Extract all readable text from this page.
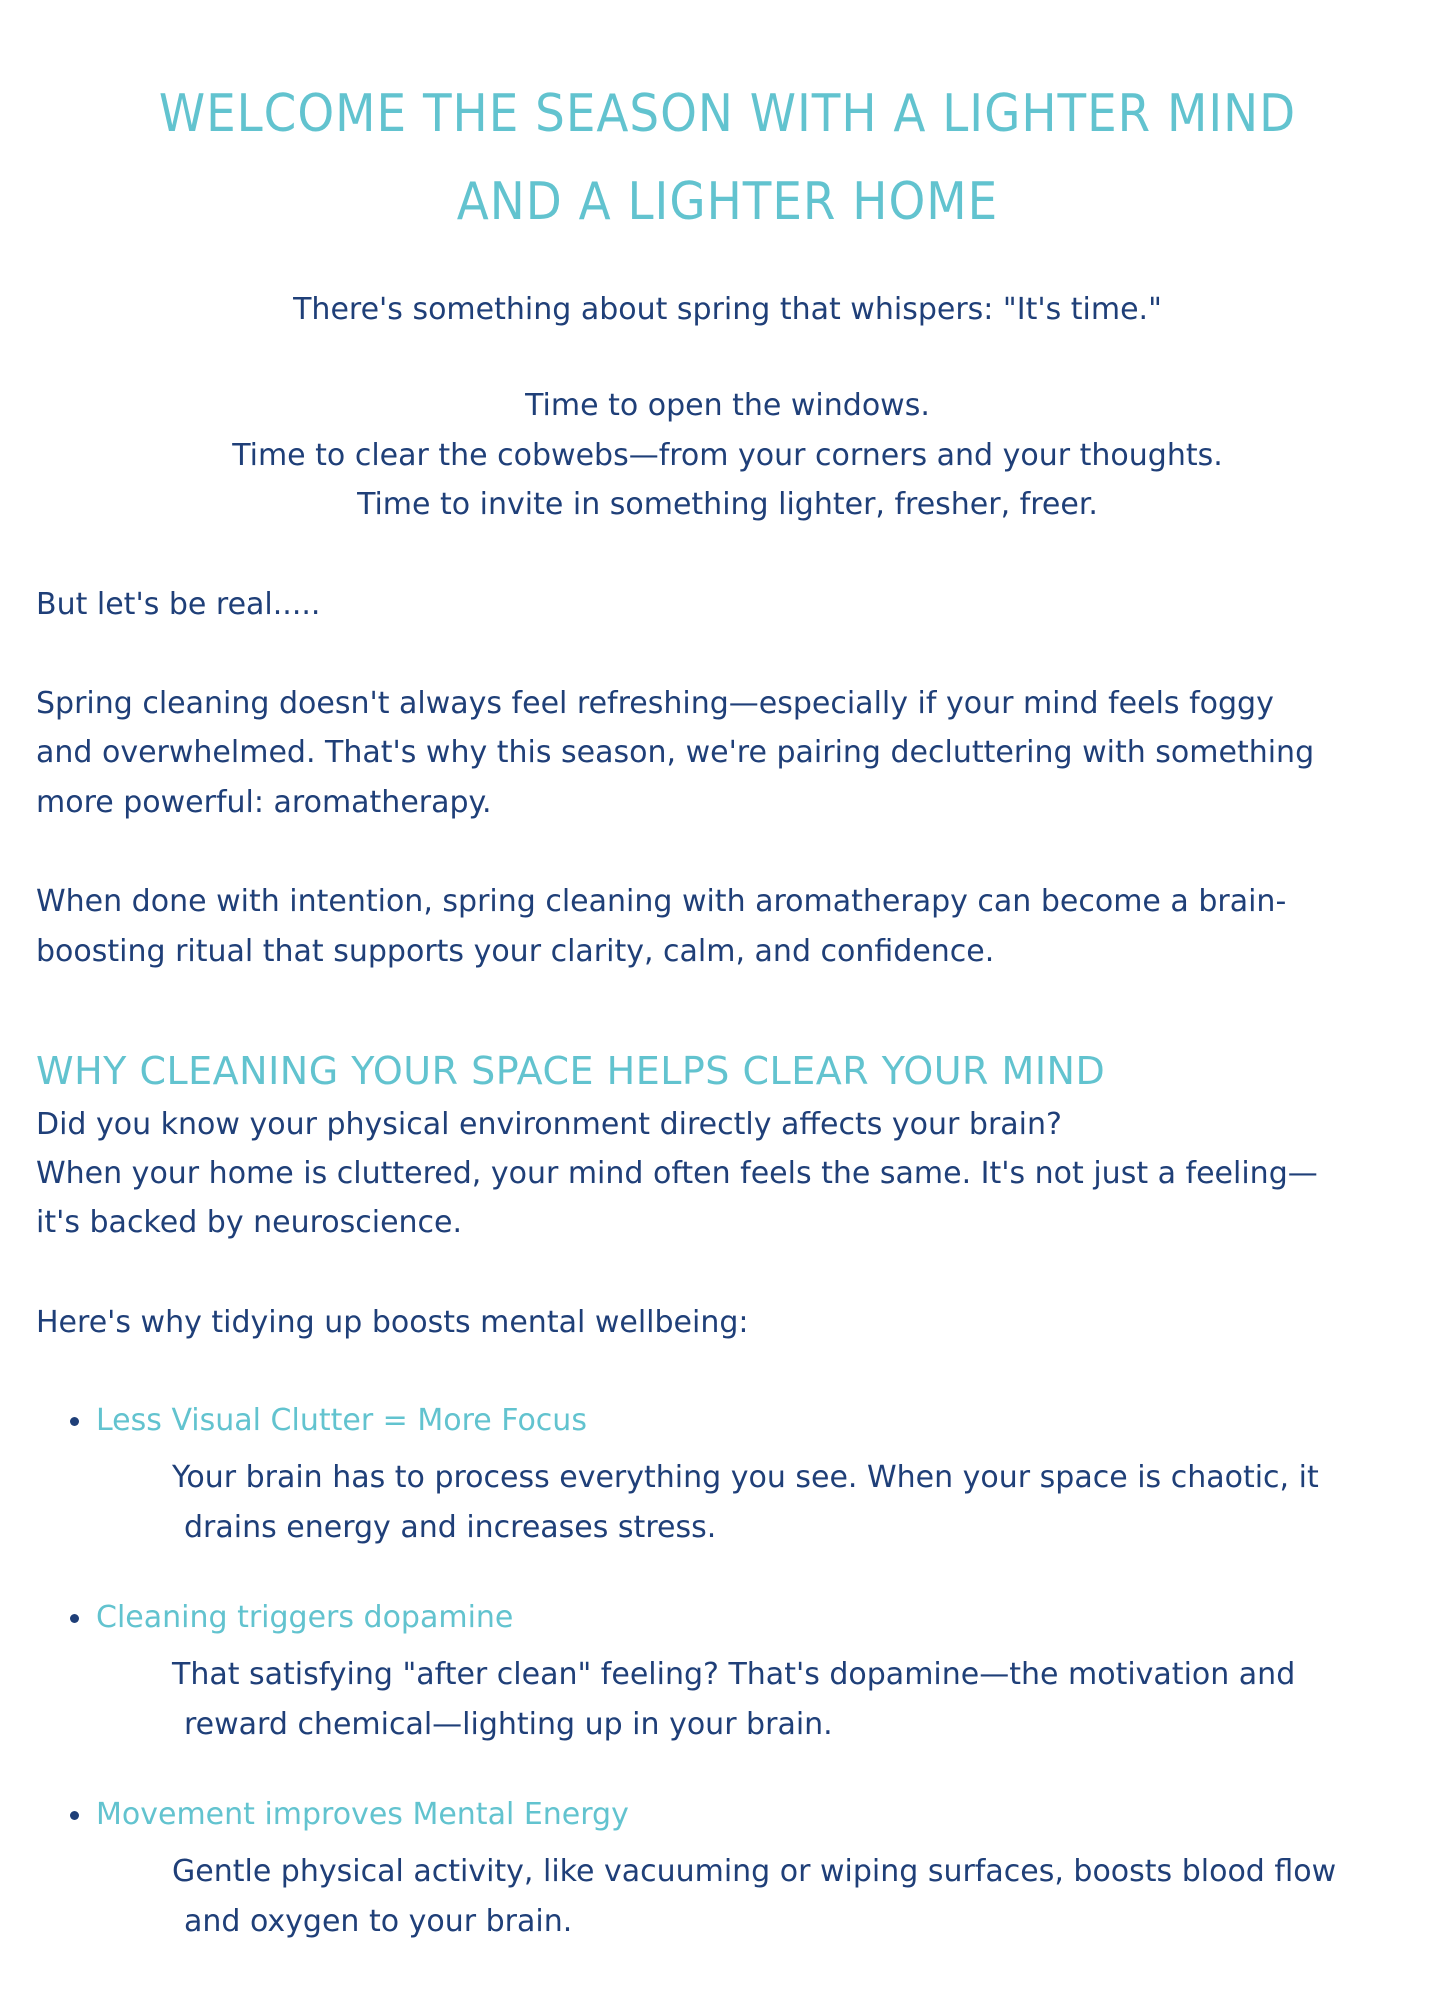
WELCOME THE SEASON WITH A LIGHTER MIND
AND A LIGHTER HOME

There's something about spring that whispers: "It's time."

Time to open the windows.

Time to clear the cobwebs—from your corners and your thoughts.

Time to invite in something lighter, fresher, freer.

But let's be real.....

Spring cleaning doesn't always feel refreshing—especially if your mind feels foggy

and overwhelmed. That's why this season, we're pairing decluttering with something

more powerful: aromatherapy.

When done with intention, spring cleaning with aromatherapy can become a brain-

boosting ritual that supports your clarity, calm, and confidence.

WHY CLEANING YOUR SPACE HELPS CLEAR YOUR MIND

Did you know your physical environment directly affects your brain?

When your home is cluttered, your mind often feels the same. It's not just a feeling—

it's backed by neuroscience.

Here's why tidying up boosts mental wellbeing:

Less Visual Clutter = More Focus

Your brain has to process everything you see. When your space is chaotic, it
drains energy and increases stress.

Cleaning triggers dopamine

That satisfying "after clean" feeling? That's dopamine—the motivation and
reward chemical—lighting up in your brain.

Movement improves Mental Energy

Gentle physical activity, like vacuuming or wiping surfaces, boosts blood flow
and oxygen to your brain.
